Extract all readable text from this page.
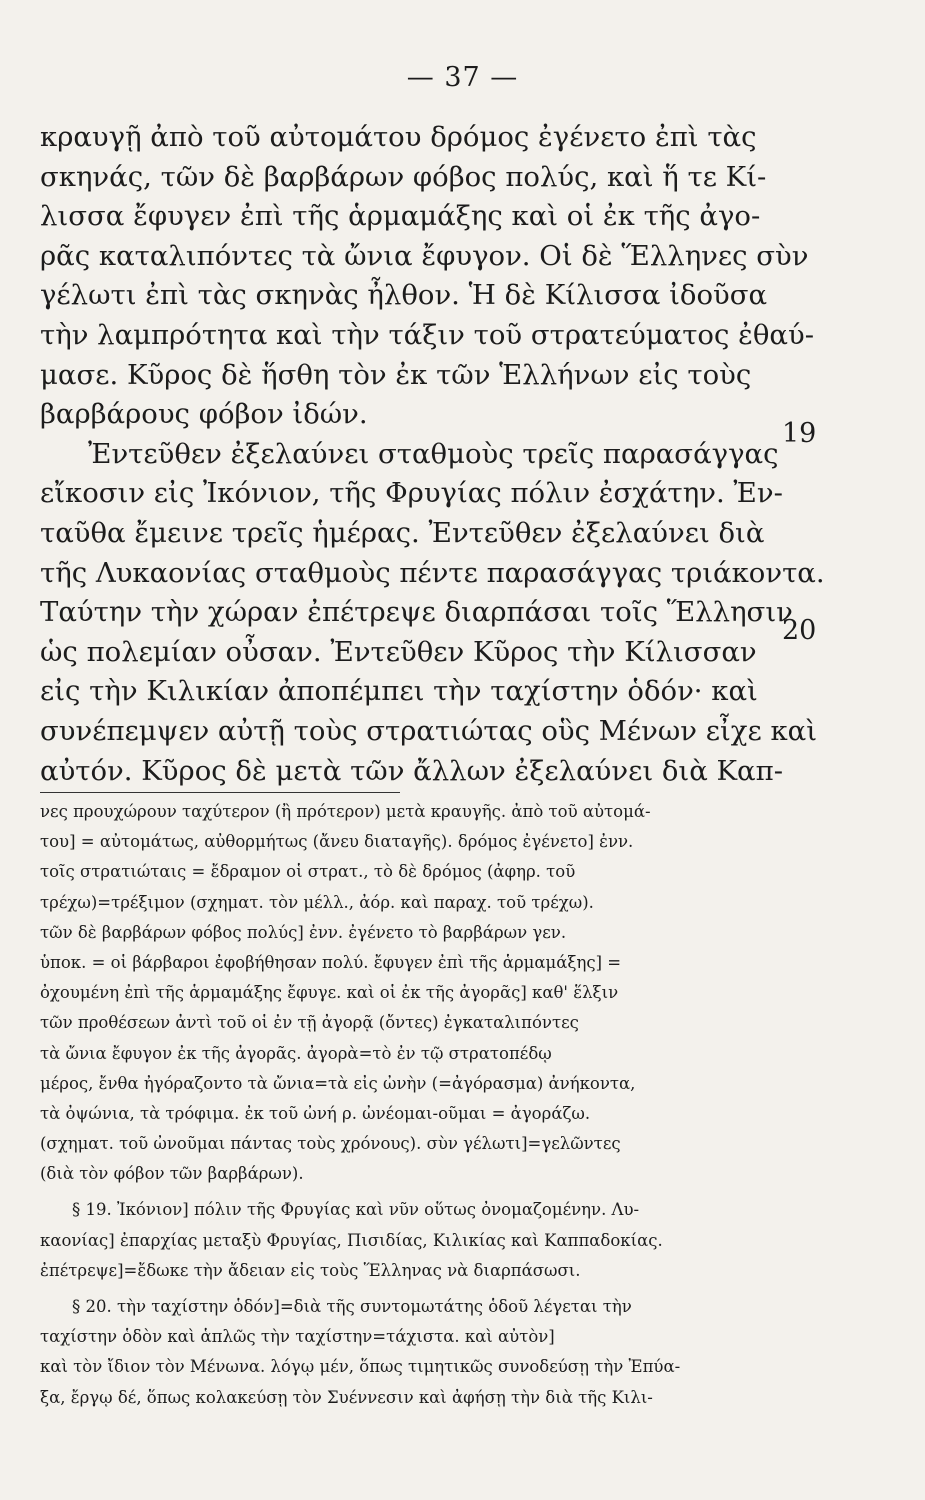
— 37 —
κραυγῇ ἀπὸ τοῦ αὐτομάτου δρόμος ἐγένετο ἐπὶ τὰς
σκηνάς, τῶν δὲ βαρβάρων φόβος πολύς, καὶ ἥ τε Κί-
λισσα ἔφυγεν ἐπὶ τῆς ἁρμαμάξης καὶ οἱ ἐκ τῆς ἀγο-
ρᾶς καταλιπόντες τὰ ὤνια ἔφυγον. Οἱ δὲ Ἕλληνες σὺν
γέλωτι ἐπὶ τὰς σκηνὰς ἦλθον. Ἡ δὲ Κίλισσα ἰδοῦσα
τὴν λαμπρότητα καὶ τὴν τάξιν τοῦ στρατεύματος ἐθαύ-
μασε. Κῦρος δὲ ἥσθη τὸν ἐκ τῶν Ἑλλήνων εἰς τοὺς
βαρβάρους φόβον ἰδών.
Ἐντεῦθεν ἐξελαύνει σταθμοὺς τρεῖς παρασάγγας
εἴκοσιν εἰς Ἰκόνιον, τῆς Φρυγίας πόλιν ἐσχάτην. Ἐν-
ταῦθα ἔμεινε τρεῖς ἡμέρας. Ἐντεῦθεν ἐξελαύνει διὰ
τῆς Λυκαονίας σταθμοὺς πέντε παρασάγγας τριάκοντα.
Ταύτην τὴν χώραν ἐπέτρεψε διαρπάσαι τοῖς Ἕλλησιν
ὡς πολεμίαν οὖσαν. Ἐντεῦθεν Κῦρος τὴν Κίλισσαν
εἰς τὴν Κιλικίαν ἀποπέμπει τὴν ταχίστην ὁδόν· καὶ
συνέπεμψεν αὐτῇ τοὺς στρατιώτας οὓς Μένων εἶχε καὶ
αὐτόν. Κῦρος δὲ μετὰ τῶν ἄλλων ἐξελαύνει διὰ Καπ-
19
20
νες προυχώρουν ταχύτερον (ἢ πρότερον) μετὰ κραυγῆς. ἀπὸ τοῦ αὐτομά-
του] = αὐτομάτως, αὐθορμήτως (ἄνευ διαταγῆς). δρόμος ἐγένετο] ἐνν.
τοῖς στρατιώταις = ἔδραμον οἱ στρατ., τὸ δὲ δρόμος (ἀφηρ. τοῦ
τρέχω)=τρέξιμον (σχηματ. τὸν μέλλ., ἀόρ. καὶ παραχ. τοῦ τρέχω).
τῶν δὲ βαρβάρων φόβος πολύς] ἐνν. ἐγένετο τὸ βαρβάρων γεν.
ὑποκ. = οἱ βάρβαροι ἐφοβήθησαν πολύ. ἔφυγεν ἐπὶ τῆς ἁρμαμάξης] =
ὀχουμένη ἐπὶ τῆς ἁρμαμάξης ἔφυγε. καὶ οἱ ἐκ τῆς ἀγορᾶς] καθ' ἕλξιν
τῶν προθέσεων ἀντὶ τοῦ οἱ ἐν τῇ ἀγορᾷ (ὄντες) ἐγκαταλιπόντες
τὰ ὤνια ἔφυγον ἐκ τῆς ἀγορᾶς. ἀγορὰ=τὸ ἐν τῷ στρατοπέδῳ
μέρος, ἔνθα ἠγόραζοντο τὰ ὤνια=τὰ εἰς ὠνὴν (=ἀγόρασμα) ἀνήκοντα,
τὰ ὀψώνια, τὰ τρόφιμα. ἐκ τοῦ ὠνή ρ. ὠνέομαι-οῦμαι = ἀγοράζω.
(σχηματ. τοῦ ὠνοῦμαι πάντας τοὺς χρόνους). σὺν γέλωτι]=γελῶντες
(διὰ τὸν φόβον τῶν βαρβάρων).
§ 19. Ἰκόνιον] πόλιν τῆς Φρυγίας καὶ νῦν οὕτως ὀνομαζομένην. Λυ-
καονίας] ἐπαρχίας μεταξὺ Φρυγίας, Πισιδίας, Κιλικίας καὶ Καππαδοκίας.
ἐπέτρεψε]=ἔδωκε τὴν ἄδειαν εἰς τοὺς Ἕλληνας νὰ διαρπάσωσι.
§ 20. τὴν ταχίστην ὁδόν]=διὰ τῆς συντομωτάτης ὁδοῦ λέγεται τὴν
ταχίστην ὁδὸν καὶ ἁπλῶς τὴν ταχίστην=τάχιστα. καὶ αὐτὸν]
καὶ τὸν ἴδιον τὸν Μένωνα. λόγῳ μέν, ὅπως τιμητικῶς συνοδεύσῃ τὴν Ἐπύα-
ξα, ἔργῳ δέ, ὅπως κολακεύσῃ τὸν Συέννεσιν καὶ ἀφήσῃ τὴν διὰ τῆς Κιλι-
